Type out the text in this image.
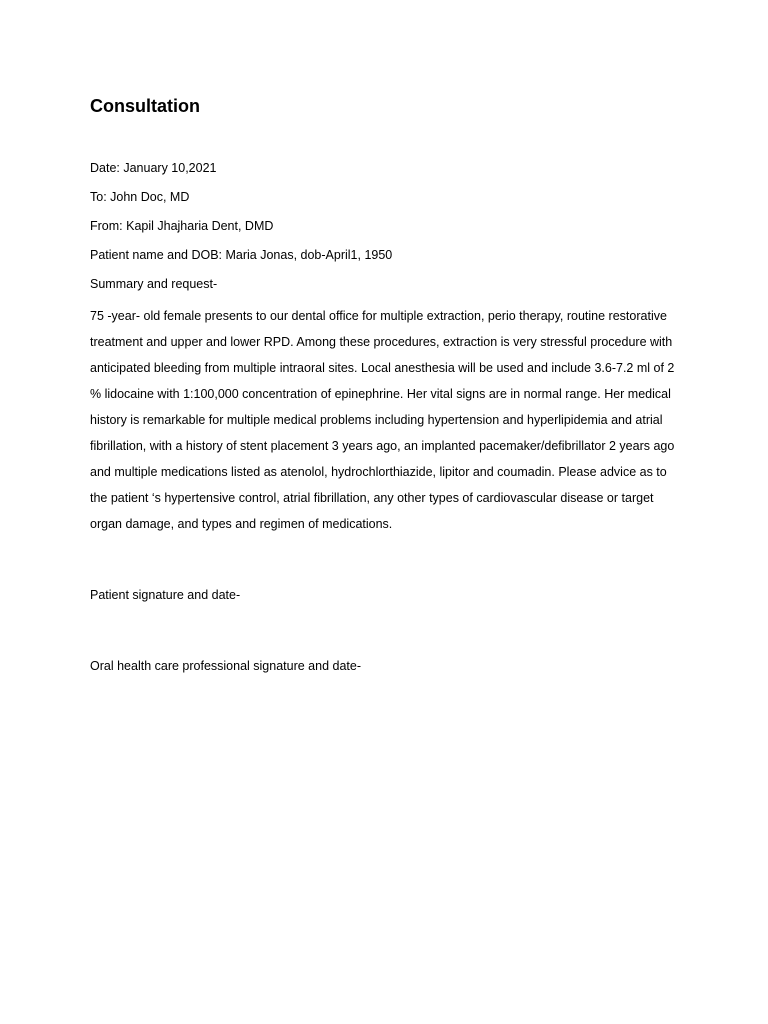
Consultation
Date: January 10,2021
To: John Doc, MD
From: Kapil Jhajharia Dent, DMD
Patient name and DOB: Maria Jonas, dob-April1, 1950
Summary and request-
75 -year- old female presents to our dental office for multiple extraction, perio therapy, routine restorative treatment and upper and lower RPD. Among these procedures, extraction is very stressful procedure with anticipated bleeding from multiple intraoral sites. Local anesthesia will be used and include 3.6-7.2 ml of 2 % lidocaine with 1:100,000 concentration of epinephrine. Her vital signs are in normal range. Her medical history is remarkable for multiple medical problems including hypertension and hyperlipidemia and atrial fibrillation, with a history of stent placement 3 years ago, an implanted pacemaker/defibrillator 2 years ago and multiple medications listed as atenolol, hydrochlorthiazide, lipitor and coumadin. Please advice as to the patient ‘s hypertensive control, atrial fibrillation, any other types of cardiovascular disease or target organ damage, and types and regimen of medications.
Patient signature and date-
Oral health care professional signature and date-
